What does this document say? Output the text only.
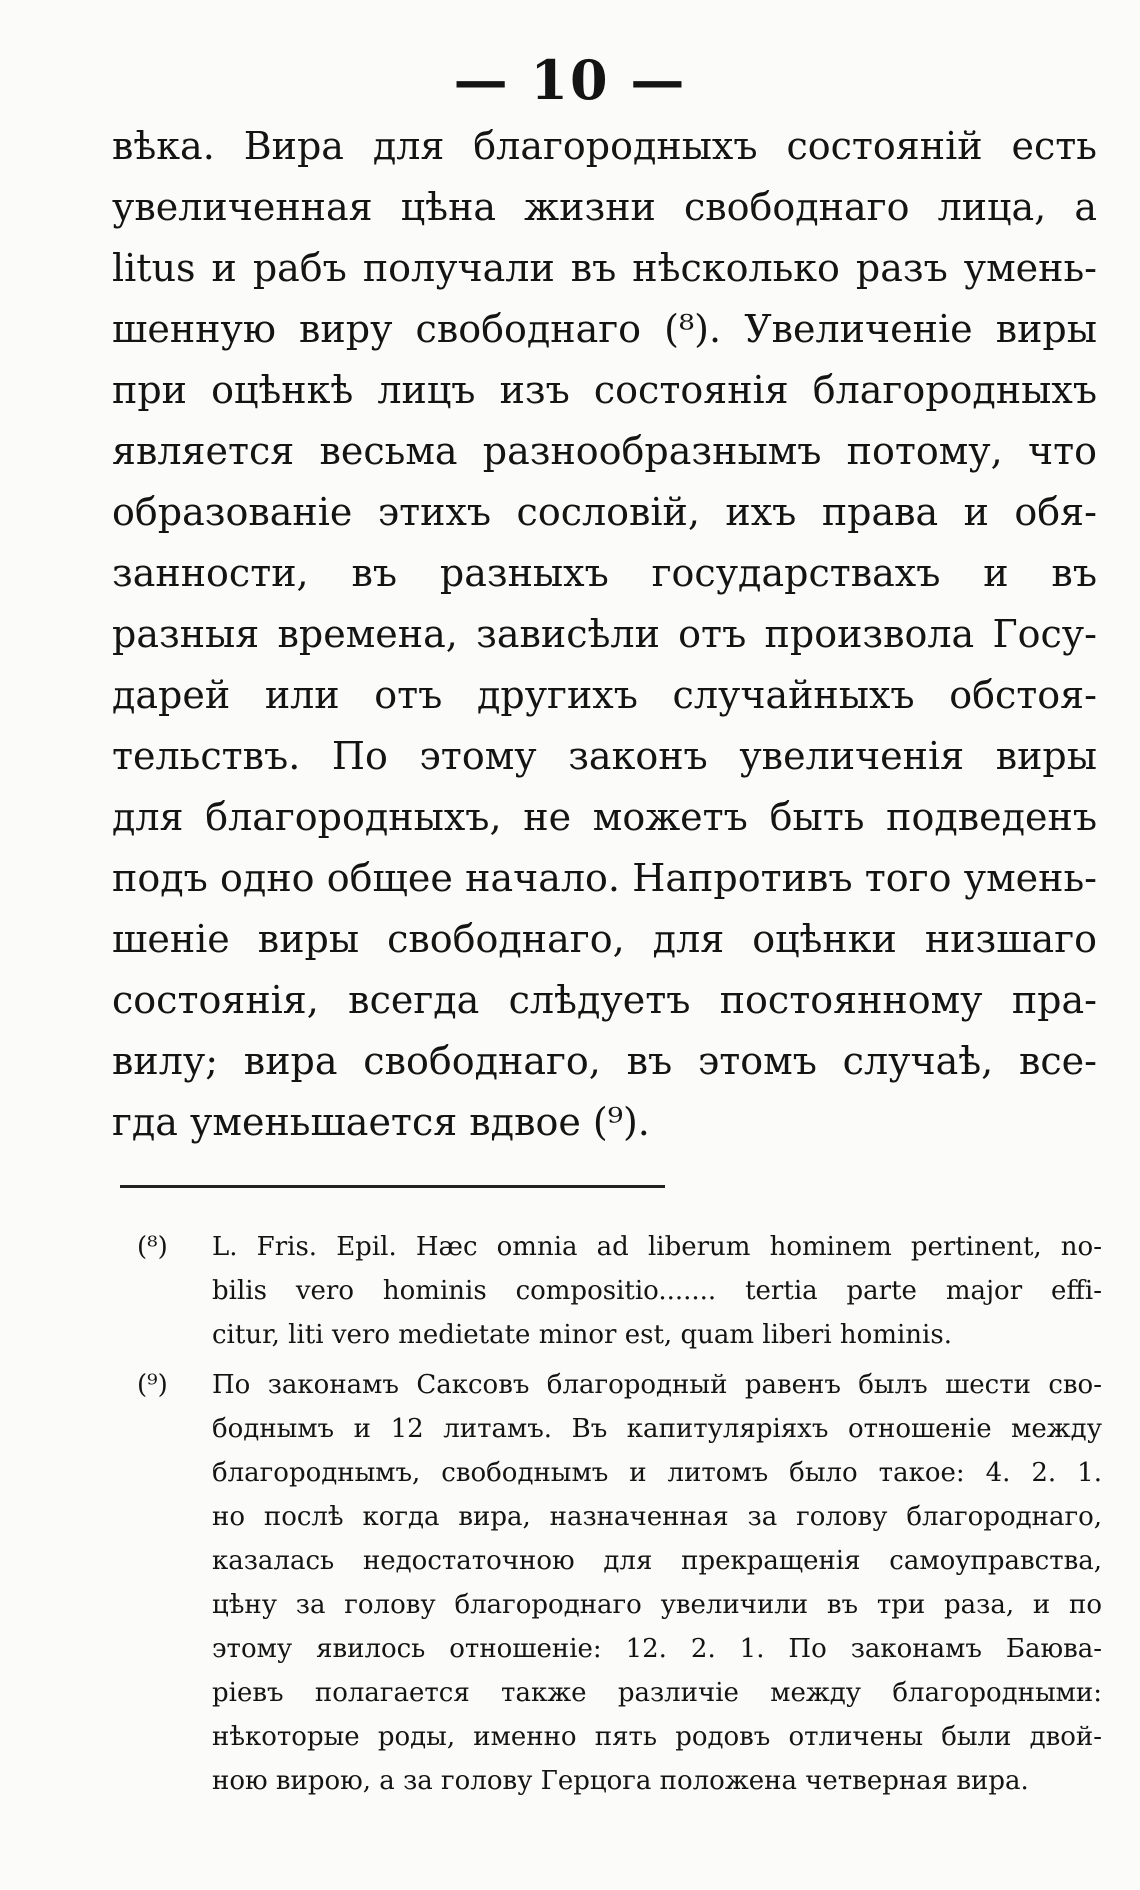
— 10 —
вѣка. Вира для благородныхъ состояній есть
увеличенная цѣна жизни свободнаго лица, а
litus и рабъ получали въ нѣсколько разъ умень-
шенную виру свободнаго (⁸). Увеличеніе виры
при оцѣнкѣ лицъ изъ состоянія благородныхъ
является весьма разнообразнымъ потому, что
образованіе этихъ сословій, ихъ права и обя-
занности, въ разныхъ государствахъ и въ
разныя времена, зависѣли отъ произвола Госу-
дарей или отъ другихъ случайныхъ обстоя-
тельствъ. По этому законъ увеличенія виры
для благородныхъ, не можетъ быть подведенъ
подъ одно общее начало. Напротивъ того умень-
шеніе виры свободнаго, для оцѣнки низшаго
состоянія, всегда слѣдуетъ постоянному пра-
вилу; вира свободнаго, въ этомъ случаѣ, все-
гда уменьшается вдвое (⁹).
(⁸)	L. Fris. Epil. Hæc omnia ad liberum hominem pertinent, no-
bilis vero hominis compositio....... tertia parte major effi-
citur, liti vero medietate minor est, quam liberi hominis.
(⁹)	По законамъ Саксовъ благородный равенъ былъ шести сво-
боднымъ и 12 литамъ. Въ капитуляріяхъ отношеніе между
благороднымъ, свободнымъ и литомъ было такое: 4. 2. 1.
но послѣ когда вира, назначенная за голову благороднаго,
казалась недостаточною для прекращенія самоуправства,
цѣну за голову благороднаго увеличили въ три раза, и по
этому явилось отношеніе: 12. 2. 1. По законамъ Баюва-
ріевъ полагается также различіе между благородными:
нѣкоторые роды, именно пять родовъ отличены были двой-
ною вирою, а за голову Герцога положена четверная вира.
